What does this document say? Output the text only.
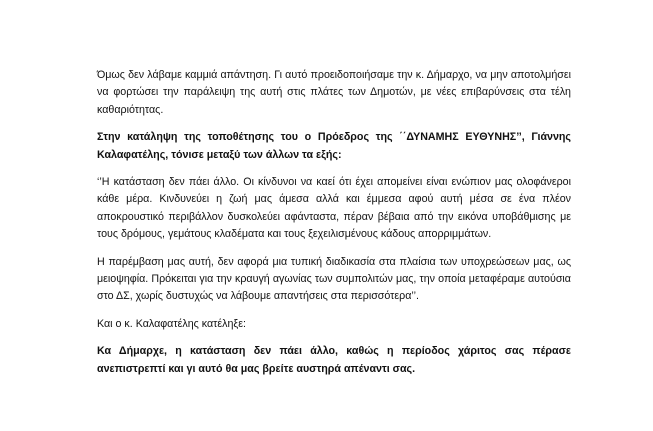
Όμως δεν λάβαμε καμμιά απάντηση. Γι αυτό προειδοποιήσαμε την κ. Δήμαρχο, να μην αποτολμήσει να φορτώσει την παράλειψη της αυτή στις πλάτες των Δημοτών, με νέες επιβαρύνσεις στα τέλη καθαριότητας.

Στην κατάληψη της τοποθέτησης του ο Πρόεδρος της ΄΄ΔΥΝΑΜΗΣ ΕΥΘΥΝΗΣ’’, Γιάννης Καλαφατέλης, τόνισε μεταξύ των άλλων τα εξής:

‘’Η κατάσταση δεν πάει άλλο. Οι κίνδυνοι να καεί ότι έχει απομείνει είναι ενώπιον μας ολοφάνεροι κάθε μέρα. Κινδυνεύει η ζωή μας άμεσα αλλά και έμμεσα αφού αυτή μέσα σε ένα πλέον αποκρουστικό περιβάλλον δυσκολεύει αφάνταστα, πέραν βέβαια από την εικόνα υποβάθμισης με τους δρόμους, γεμάτους κλαδέματα και τους ξεχειλισμένους κάδους απορριμμάτων.

Η παρέμβαση μας αυτή, δεν αφορά μια τυπική διαδικασία στα πλαίσια των υποχρεώσεων μας, ως μειοψηφία. Πρόκειται για την κραυγή αγωνίας των συμπολιτών μας, την οποία μεταφέραμε αυτούσια στο ΔΣ, χωρίς δυστυχώς να λάβουμε απαντήσεις στα περισσότερα’’.

Και ο κ. Καλαφατέλης κατέληξε:

Κα Δήμαρχε, η κατάσταση δεν πάει άλλο, καθώς η περίοδος χάριτος σας πέρασε ανεπιστρεπτί και γι αυτό θα μας βρείτε αυστηρά απέναντι σας.
